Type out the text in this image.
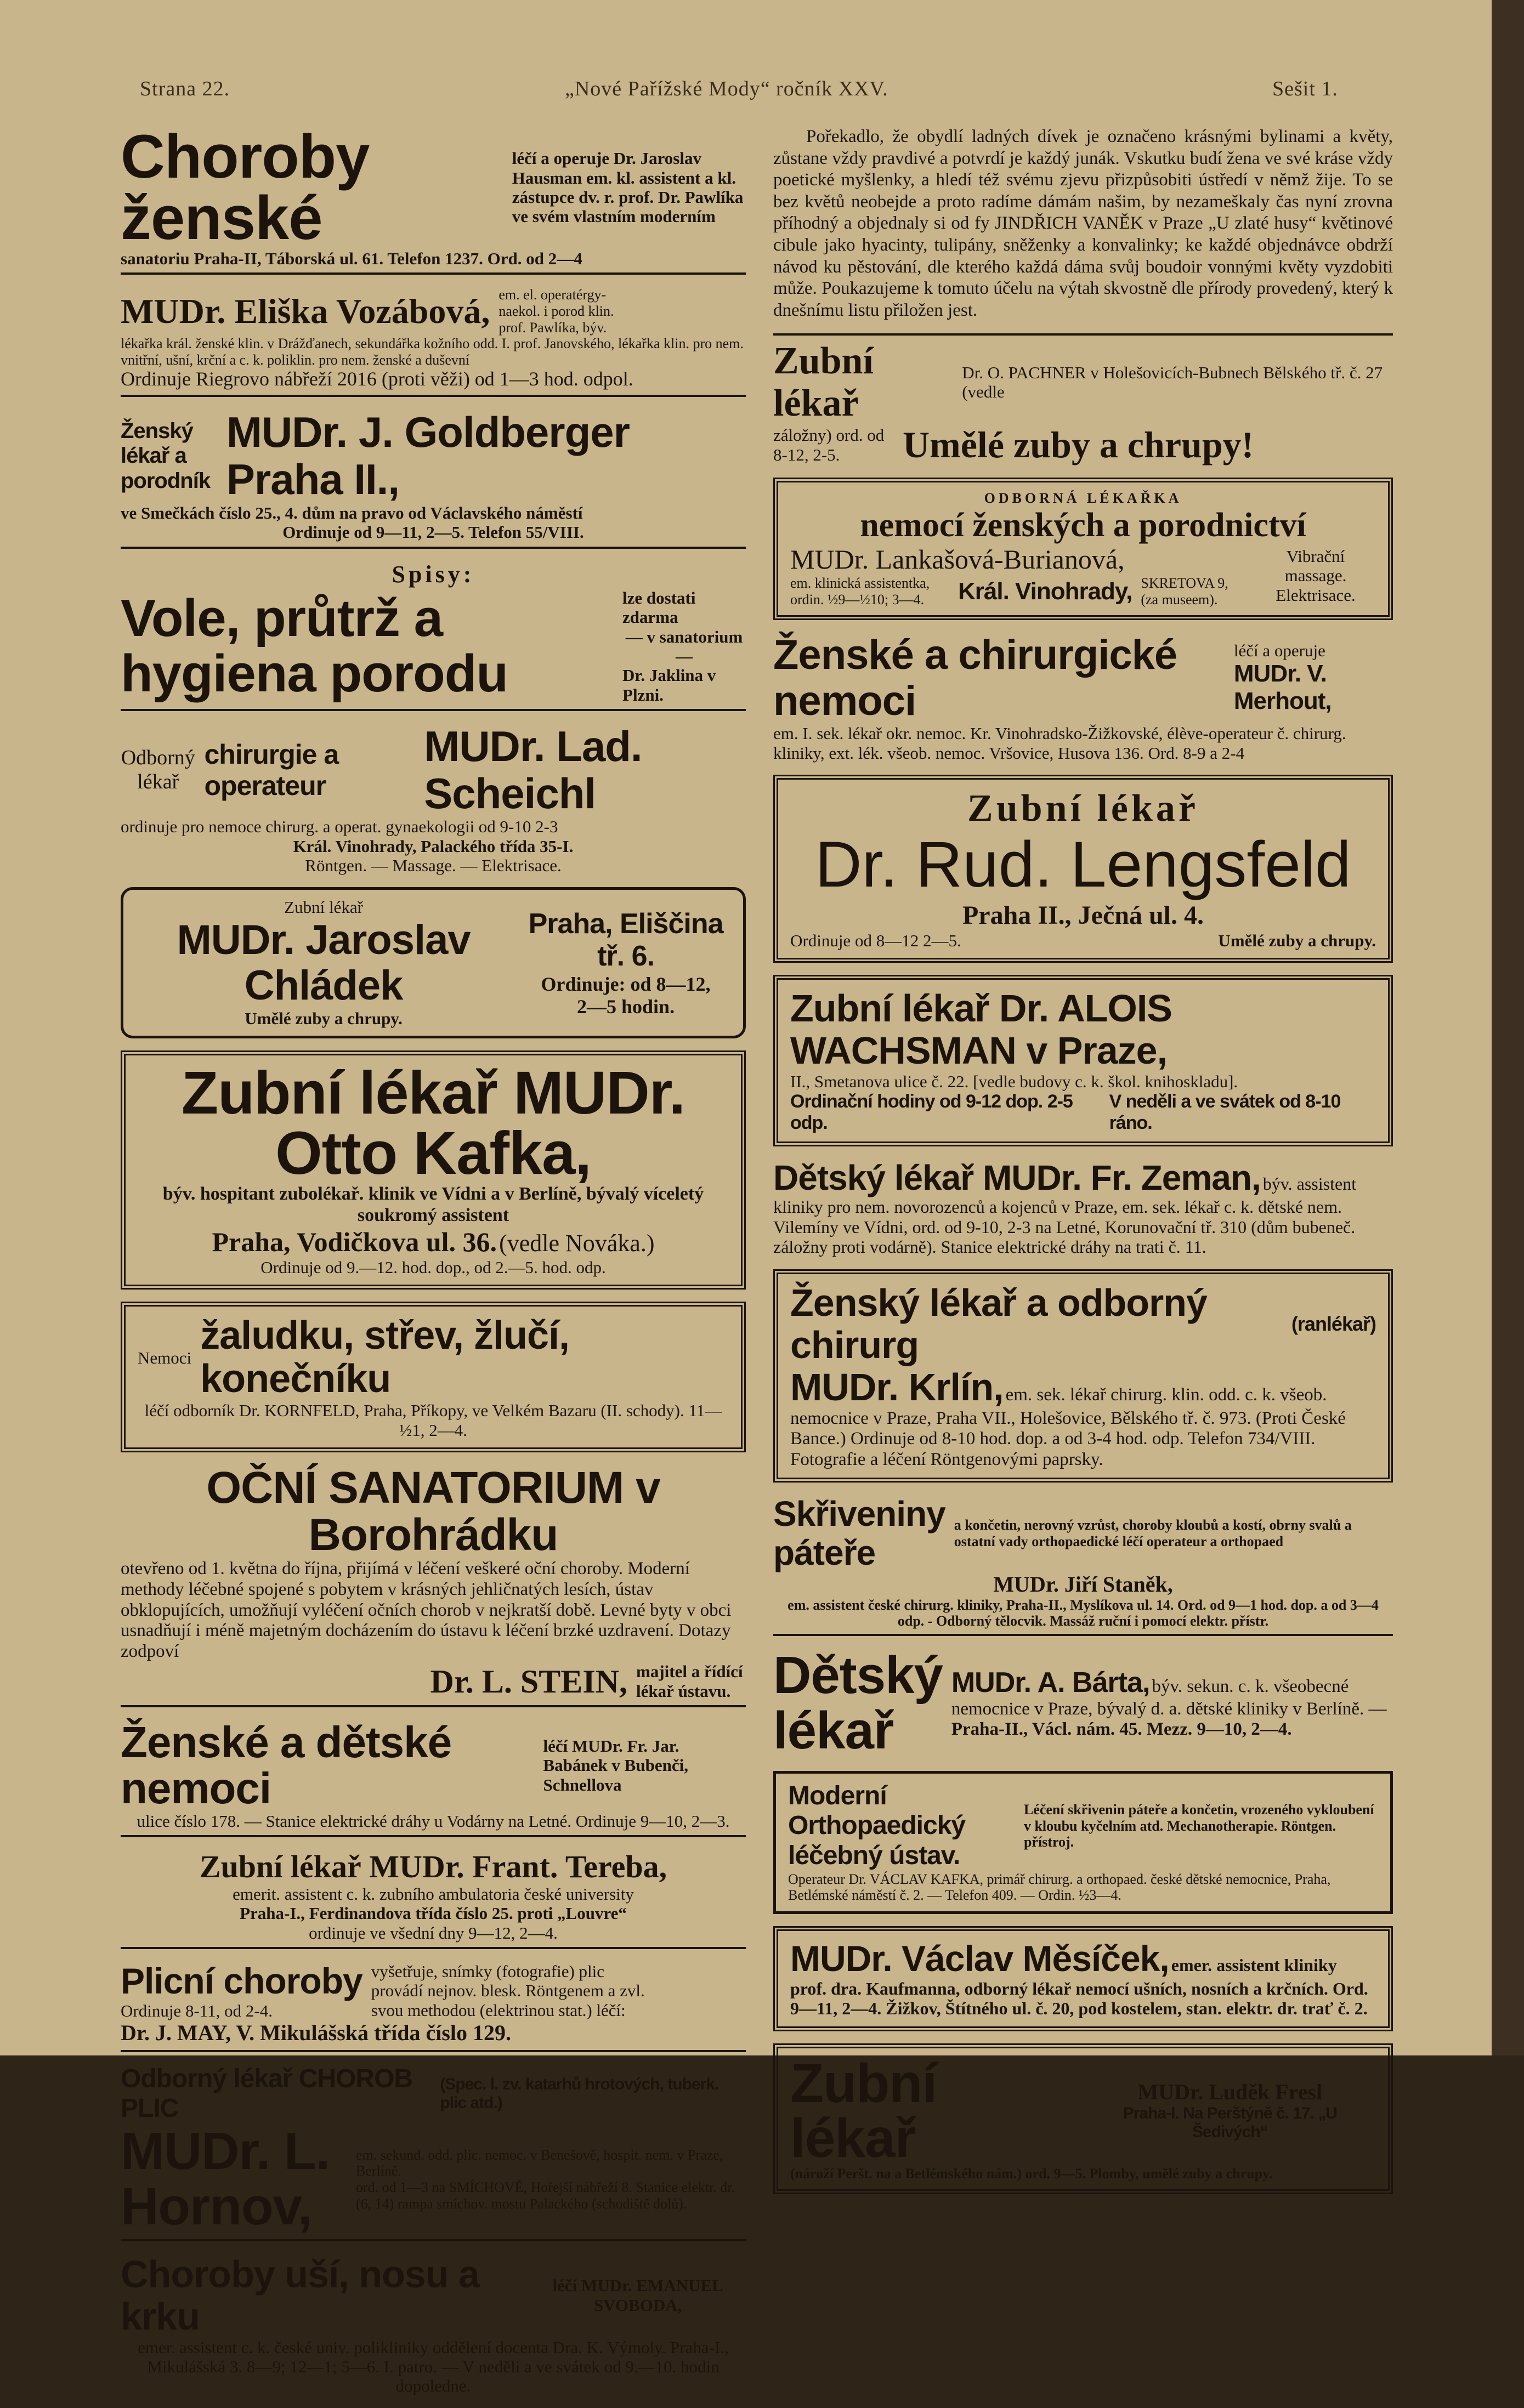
Strana 22.	„Nové Pařížské Mody“ ročník XXV.	Sešit 1.
Choroby ženské
léčí a operuje Dr. Jaroslav Hausman em. kl. assistent a kl. zástupce dv. r. prof. Dr. Pawlíka ve svém vlastním moderním
sanatoriu Praha-II, Táborská ul. 61. Telefon 1237. Ord. od 2—4
MUDr. Eliška Vozábová, em. el. operatérgy-naekol. i porod klin. prof. Pawlíka, býv.
lékařka král. ženské klin. v Drážďanech, sekundářka kožního odd. I. prof. Janovského, lékařka klin. pro nem. vnitřní, ušní, krční a c. k. poliklin. pro nem. ženské a duševní
Ordinuje Riegrovo nábřeží 2016 (proti věži) od 1—3 hod. odpol.
Ženský lékař a porodník
MUDr. J. Goldberger Praha II.,
ve Smečkách číslo 25., 4. dům na pravo od Václavského náměstí
Ordinuje od 9—11, 2—5. Telefon 55/VIII.
Spisy:
Vole, průtrž a hygiena porodu
lze dostati zdarma
— v sanatorium —
Dr. Jaklina v Plzni.
Odborný lékař
chirurgie a operateur
MUDr. Lad. Scheichl
ordinuje pro nemoce chirurg. a operat. gynaekologii od 9-10 2-3
Král. Vinohrady, Palackého třída 35-I.
Röntgen. — Massage. — Elektrisace.
Zubní lékař
MUDr. Jaroslav Chládek
Umělé zuby a chrupy.
Praha, Eliščina tř. 6.
Ordinuje: od 8—12,
2—5 hodin.
Zubní lékař MUDr. Otto Kafka,
býv. hospitant zubolékař. klinik ve Vídni a v Berlíně, bývalý víceletý soukromý assistent
Praha, Vodičkova ul. 36. (vedle Nováka.)
Ordinuje od 9.—12. hod. dop., od 2.—5. hod. odp.
Nemoci
žaludku, střev, žlučí, konečníku
léčí odborník Dr. KORNFELD, Praha, Příkopy, ve Velkém Bazaru (II. schody). 11—½1, 2—4.
OČNÍ SANATORIUM v Borohrádku
otevřeno od 1. května do října, přijímá v léčení veškeré oční choroby. Moderní methody léčebné spojené s pobytem v krásných jehličnatých lesích, ústav obklopujících, umožňují vyléčení očních chorob v nejkratší době. Levné byty v obci usnadňují i méně majetným docházením do ústavu k léčení brzké uzdravení. Dotazy zodpoví
Dr. L. STEIN, majitel a řídící lékař ústavu.
Ženské a dětské nemoci
léčí MUDr. Fr. Jar. Babánek v Bubenči, Schnellova
ulice číslo 178. — Stanice elektrické dráhy u Vodárny na Letné. Ordinuje 9—10, 2—3.
Zubní lékař MUDr. Frant. Tereba,
emerit. assistent c. k. zubního ambulatoria české university
Praha-I., Ferdinandova třída číslo 25. proti „Louvre“
ordinuje ve všední dny 9—12, 2—4.
Plicní choroby
Ordinuje 8-11, od 2-4.
vyšetřuje, snímky (fotografie) plic provádí nejnov. blesk. Röntgenem a zvl. svou methodou (elektrinou stat.) léčí:
Dr. J. MAY, V. Mikulášská třída číslo 129.
Odborný lékař CHOROB PLIC
(Spec. l. zv. katarhů hrotových, tuberk. plic atd.)
MUDr. L. Hornov,
em. sekund. odd. plic. nemoc. v Benešově, hospit. nem. v Praze, Berlíně.
ord. od 1—3 na SMÍCHOVĚ, Hořejší nábřeží 8. Stanice elektr. dr. (6, 14) rampa smíchov. mostu Palackého (schodiště dolů).
Choroby uší, nosu a krku
léčí MUDr. EMANUEL SVOBODA,
emer. assistent c. k. české univ. polikliniky oddělení docenta Dra. K. Výmoly. Praha-I., Mikulášská 3. 8—9; 12—1; 5—6. I. patro. — V neděli a ve svátek od 9.—10. hodin dopoledne.
Pořekadlo, že obydlí ladných dívek je označeno krásnými bylinami a květy, zůstane vždy pravdivé a potvrdí je každý junák. Vskutku budí žena ve své kráse vždy poetické myšlenky, a hledí též svému zjevu přizpůsobiti ústředí v němž žije. To se bez květů neobejde a proto radíme dámám našim, by nezameškaly čas nyní zrovna příhodný a objednaly si od fy JINDŘICH VANĚK v Praze „U zlaté husy“ květinové cibule jako hyacinty, tulipány, sněženky a konvalinky; ke každé objednávce obdrží návod ku pěstování, dle kterého každá dáma svůj boudoir vonnými květy vyzdobiti může. Poukazujeme k tomuto účelu na výtah skvostně dle přírody provedený, který k dnešnímu listu přiložen jest.
Zubní lékař
Dr. O. PACHNER v Holešovicích-Bubnech Bělského tř. č. 27 (vedle
záložny) ord. od 8-12, 2-5.	Umělé zuby a chrupy!
ODBORNÁ LÉKAŘKA
nemocí ženských a porodnictví
MUDr. Lankašová-Burianová,
em. klinická assistentka, ordin. ½9—½10; 3—4.	Král. Vinohrady, SKRETOVA 9, (za museem).
Vibrační massage. Elektrisace.
Ženské a chirurgické nemoci
léčí a operuje
MUDr. V. Merhout,
em. I. sek. lékař okr. nemoc. Kr. Vinohradsko-Žižkovské, élève-operateur č. chirurg. kliniky, ext. lék. všeob. nemoc. Vršovice, Husova 136. Ord. 8-9 a 2-4
Zubní lékař
Dr. Rud. Lengsfeld
Praha II., Ječná ul. 4.
Ordinuje od 8—12 2—5.	Umělé zuby a chrupy.
Zubní lékař Dr. ALOIS WACHSMAN v Praze,
II., Smetanova ulice č. 22. [vedle budovy c. k. škol. knihoskladu].
Ordinační hodiny od 9-12 dop. 2-5 odp.
V neděli a ve svátek od 8-10 ráno.
Dětský lékař MUDr. Fr. Zeman, býv. assistent kliniky pro nem. novorozenců a kojenců v Praze, em. sek. lékař c. k. dětské nem. Vilemíny ve Vídni, ord. od 9-10, 2-3 na Letné, Korunovační tř. 310 (dům bubeneč. záložny proti vodárně). Stanice elektrické dráhy na trati č. 11.
Ženský lékař a odborný chirurg	(ranlékař)
MUDr. Krlín, em. sek. lékař chirurg. klin. odd. c. k. všeob. nemocnice v Praze, Praha VII., Holešovice, Bělského tř. č. 973. (Proti České Bance.) Ordinuje od 8-10 hod. dop. a od 3-4 hod. odp. Telefon 734/VIII. Fotografie a léčení Röntgenovými paprsky.
Skřiveniny páteře
a končetin, nerovný vzrůst, choroby kloubů a kostí, obrny svalů a ostatní vady orthopaedické léčí operateur a orthopaed
MUDr. Jiří Staněk,
em. assistent české chirurg. kliniky, Praha-II., Myslíkova ul. 14. Ord. od 9—1 hod. dop. a od 3—4 odp. - Odborný tělocvik. Massáž ruční i pomocí elektr. přístr.
Dětský lékař
MUDr. A. Bárta, býv. sekun. c. k. všeobecné nemocnice v Praze, bývalý d. a. dětské kliniky v Berlíně. —
Praha-II., Václ. nám. 45. Mezz. 9—10, 2—4.
Moderní Orthopaedický léčebný ústav.
Léčení skřivenin páteře a končetin, vrozeného vykloubení v kloubu kyčelním atd. Mechanotherapie. Röntgen. přístroj.
Operateur Dr. VÁCLAV KAFKA, primář chirurg. a orthopaed. české dětské nemocnice, Praha, Betlémské náměstí č. 2. — Telefon 409. — Ordin. ½3—4.
MUDr. Václav Měsíček, emer. assistent kliniky prof. dra. Kaufmanna, odborný lékař nemocí ušních, nosních a krčních. Ord. 9—11, 2—4. Žižkov, Štítného ul. č. 20, pod kostelem, stan. elektr. dr. trať č. 2.
Zubní lékař
MUDr. Luděk Fresl
Praha-I. Na Perštýně č. 17. „U Šedivých“
(nároží Peršt. na a Betlémského nám.) ord. 9—5. Plomby, umělé zuby a chrupy.
